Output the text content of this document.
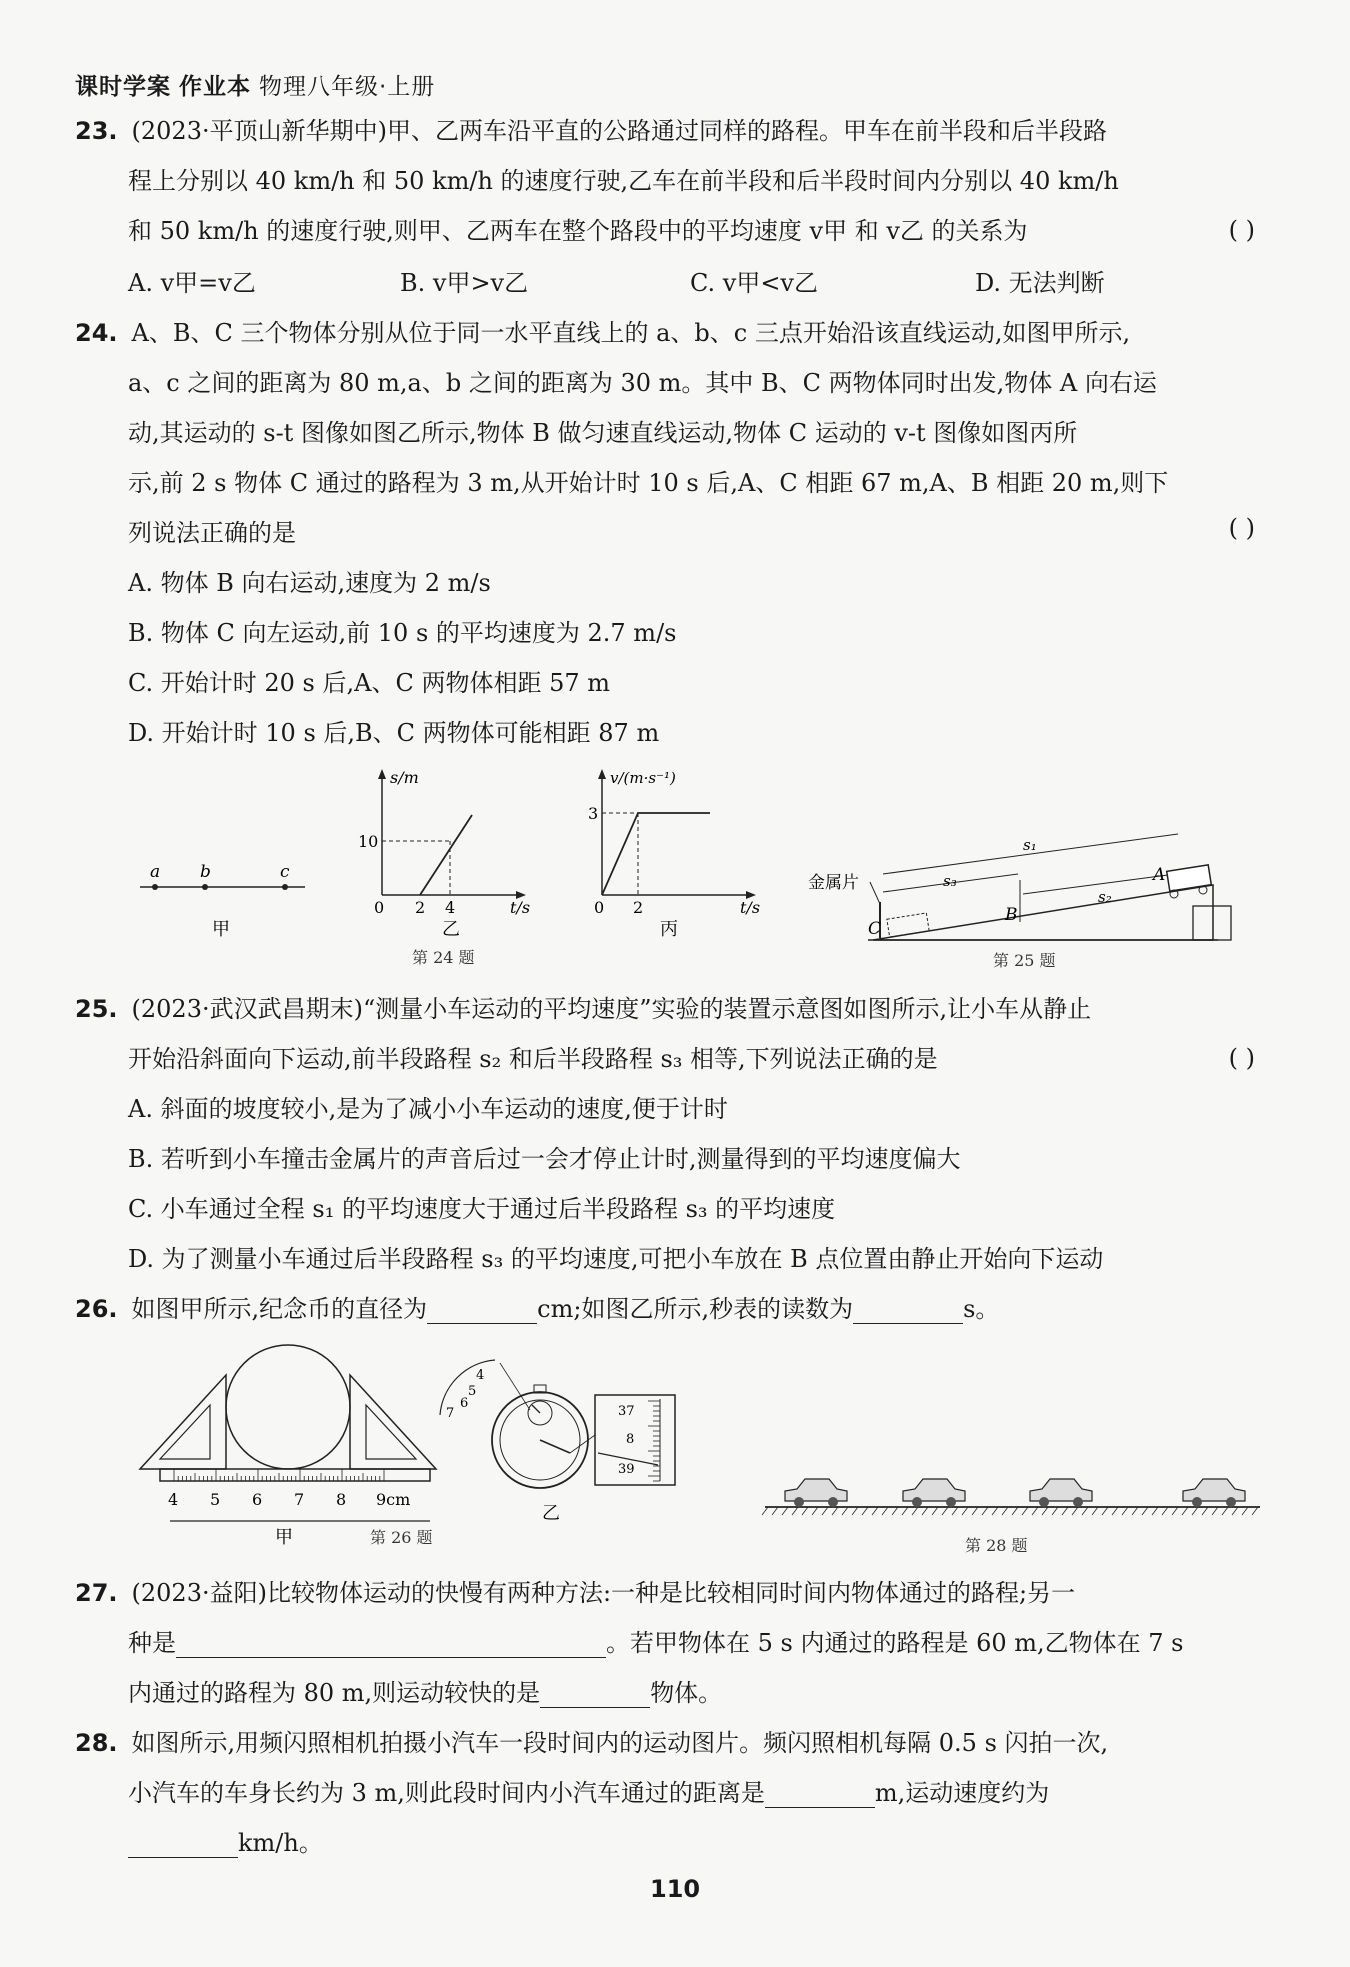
课时学案 作业本 物理八年级·上册
23. (2023·平顶山新华期中)甲、乙两车沿平直的公路通过同样的路程。甲车在前半段和后半段路
程上分别以 40 km/h 和 50 km/h 的速度行驶,乙车在前半段和后半段时间内分别以 40 km/h
和 50 km/h 的速度行驶,则甲、乙两车在整个路段中的平均速度 v甲 和 v乙 的关系为	( )
A. v甲=v乙	B. v甲>v乙	C. v甲<v乙	D. 无法判断
24. A、B、C 三个物体分别从位于同一水平直线上的 a、b、c 三点开始沿该直线运动,如图甲所示,
a、c 之间的距离为 80 m,a、b 之间的距离为 30 m。其中 B、C 两物体同时出发,物体 A 向右运
动,其运动的 s-t 图像如图乙所示,物体 B 做匀速直线运动,物体 C 运动的 v-t 图像如图丙所
示,前 2 s 物体 C 通过的路程为 3 m,从开始计时 10 s 后,A、C 相距 67 m,A、B 相距 20 m,则下
列说法正确的是	( )
A. 物体 B 向右运动,速度为 2 m/s
B. 物体 C 向左运动,前 10 s 的平均速度为 2.7 m/s
C. 开始计时 20 s 后,A、C 两物体相距 57 m
D. 开始计时 10 s 后,B、C 两物体可能相距 87 m
a b	c
甲
s/m
t/s
10
0 2 4
乙
v/(m·s⁻¹)
t/s
3
0 2
丙
第 24 题
金属片
s₁
s₃
s₂
B
A
C
第 25 题
25. (2023·武汉武昌期末)“测量小车运动的平均速度”实验的装置示意图如图所示,让小车从静止
开始沿斜面向下运动,前半段路程 s₂ 和后半段路程 s₃ 相等,下列说法正确的是	( )
A. 斜面的坡度较小,是为了减小小车运动的速度,便于计时
B. 若听到小车撞击金属片的声音后过一会才停止计时,测量得到的平均速度偏大
C. 小车通过全程 s₁ 的平均速度大于通过后半段路程 s₃ 的平均速度
D. 为了测量小车通过后半段路程 s₃ 的平均速度,可把小车放在 B 点位置由静止开始向下运动
26. 如图甲所示,纪念币的直径为	cm;如图乙所示,秒表的读数为	s。
4 5 6 7 8 9cm
甲
4
5
6
7	37
8
39
乙
第 26 题	第 28 题
27. (2023·益阳)比较物体运动的快慢有两种方法:一种是比较相同时间内物体通过的路程;另一
种是	。若甲物体在 5 s 内通过的路程是 60 m,乙物体在 7 s
内通过的路程为 80 m,则运动较快的是	物体。
28. 如图所示,用频闪照相机拍摄小汽车一段时间内的运动图片。频闪照相机每隔 0.5 s 闪拍一次,
小汽车的车身长约为 3 m,则此段时间内小汽车通过的距离是	m,运动速度约为
km/h。
110
